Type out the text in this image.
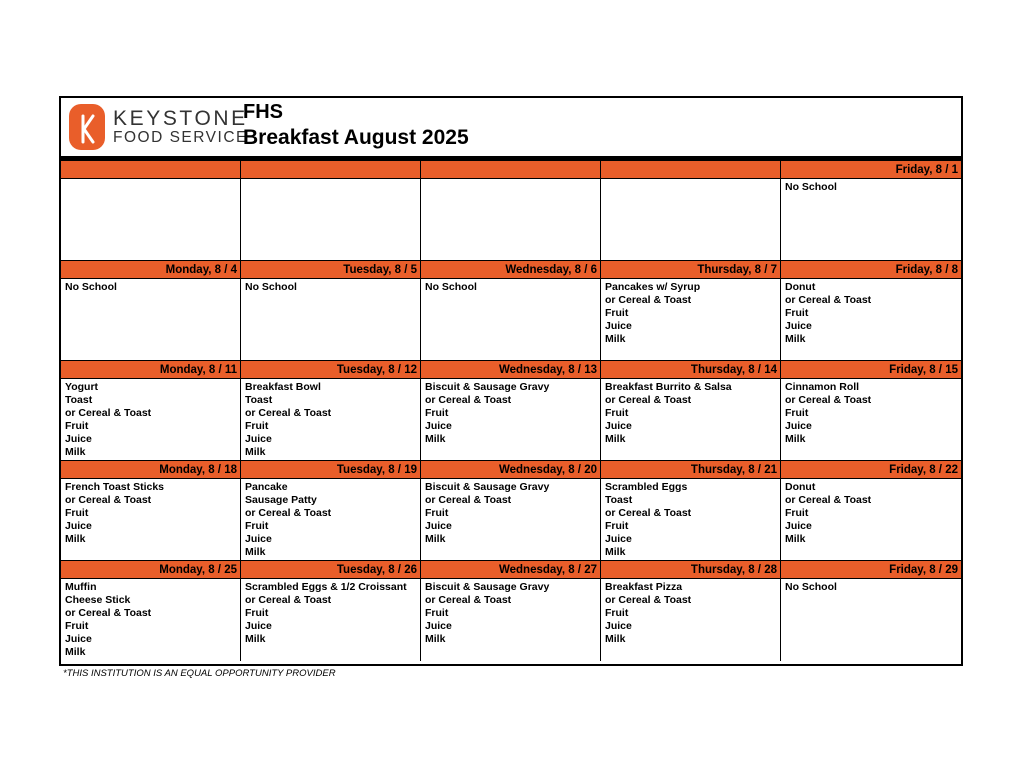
KEYSTONE
FOOD SERVICE
FHS
Breakfast August 2025
Friday, 8 / 1
No School
Monday, 8 / 4
No School
Tuesday, 8 / 5
No School
Wednesday, 8 / 6
No School
Thursday, 8 / 7
Pancakes w/ Syrup
or Cereal & Toast
Fruit
Juice
Milk
Friday, 8 / 8
Donut
or Cereal & Toast
Fruit
Juice
Milk
Monday, 8 / 11
Yogurt
Toast
or Cereal & Toast
Fruit
Juice
Milk
Tuesday, 8 / 12
Breakfast Bowl
Toast
or Cereal & Toast
Fruit
Juice
Milk
Wednesday, 8 / 13
Biscuit & Sausage Gravy
or Cereal & Toast
Fruit
Juice
Milk
Thursday, 8 / 14
Breakfast Burrito & Salsa
or Cereal & Toast
Fruit
Juice
Milk
Friday, 8 / 15
Cinnamon Roll
or Cereal & Toast
Fruit
Juice
Milk
Monday, 8 / 18
French Toast Sticks
or Cereal & Toast
Fruit
Juice
Milk
Tuesday, 8 / 19
Pancake
Sausage Patty
or Cereal & Toast
Fruit
Juice
Milk
Wednesday, 8 / 20
Biscuit & Sausage Gravy
or Cereal & Toast
Fruit
Juice
Milk
Thursday, 8 / 21
Scrambled Eggs
Toast
or Cereal & Toast
Fruit
Juice
Milk
Friday, 8 / 22
Donut
or Cereal & Toast
Fruit
Juice
Milk
Monday, 8 / 25
Muffin
Cheese Stick
or Cereal & Toast
Fruit
Juice
Milk
Tuesday, 8 / 26
Scrambled Eggs & 1/2 Croissant
or Cereal & Toast
Fruit
Juice
Milk
Wednesday, 8 / 27
Biscuit & Sausage Gravy
or Cereal & Toast
Fruit
Juice
Milk
Thursday, 8 / 28
Breakfast Pizza
or Cereal & Toast
Fruit
Juice
Milk
Friday, 8 / 29
No School
*THIS INSTITUTION IS AN EQUAL OPPORTUNITY PROVIDER
